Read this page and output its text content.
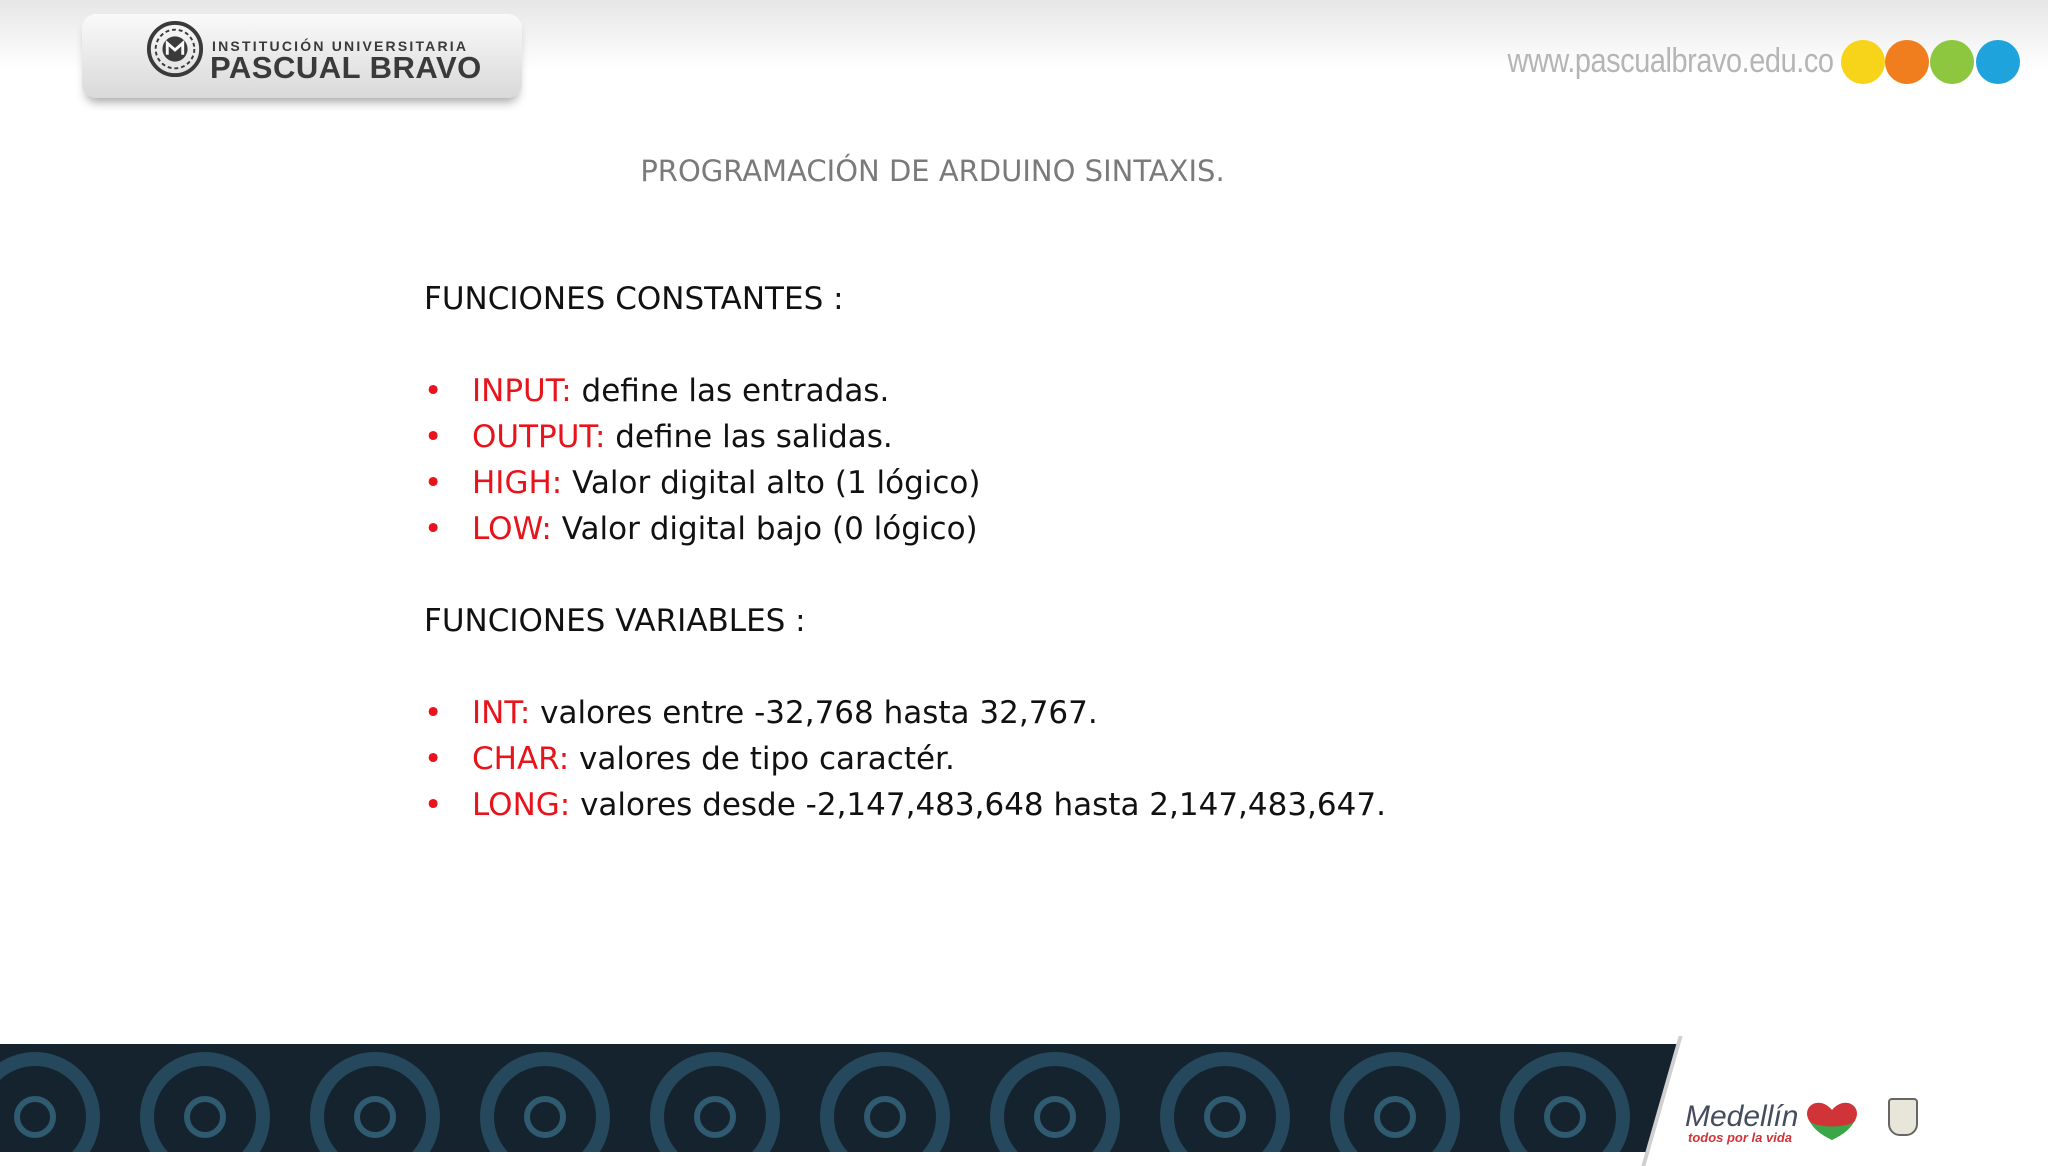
INSTITUCIÓN UNIVERSITARIA
PASCUAL BRAVO	www.pascualbravo.edu.co
PROGRAMACIÓN DE ARDUINO SINTAXIS.
FUNCIONES CONSTANTES :
• INPUT: define las entradas.
• OUTPUT: define las salidas.
• HIGH: Valor digital alto (1 lógico)
• LOW: Valor digital bajo (0 lógico)
FUNCIONES VARIABLES :
• INT: valores entre -32,768 hasta 32,767.
• CHAR: valores de tipo caractér.
• LONG: valores desde -2,147,483,648 hasta 2,147,483,647.
Medellín
todos por la vida
